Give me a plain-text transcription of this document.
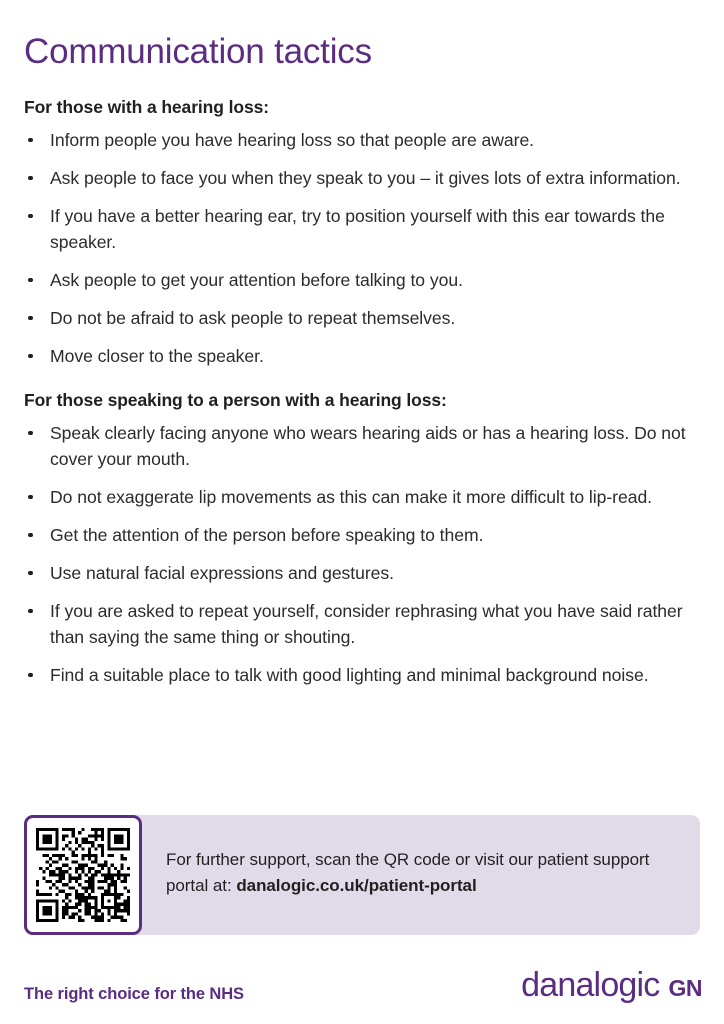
Communication tactics
For those with a hearing loss:
Inform people you have hearing loss so that people are aware.
Ask people to face you when they speak to you – it gives lots of extra information.
If you have a better hearing ear, try to position yourself with this ear towards the speaker.
Ask people to get your attention before talking to you.
Do not be afraid to ask people to repeat themselves.
Move closer to the speaker.
For those speaking to a person with a hearing loss:
Speak clearly facing anyone who wears hearing aids or has a hearing loss. Do not cover your mouth.
Do not exaggerate lip movements as this can make it more difficult to lip-read.
Get the attention of the person before speaking to them.
Use natural facial expressions and gestures.
If you are asked to repeat yourself, consider rephrasing what you have said rather than saying the same thing or shouting.
Find a suitable place to talk with good lighting and minimal background noise.
For further support, scan the QR code or visit our patient support portal at: danalogic.co.uk/patient-portal
The right choice for the NHS	danalogic GN
